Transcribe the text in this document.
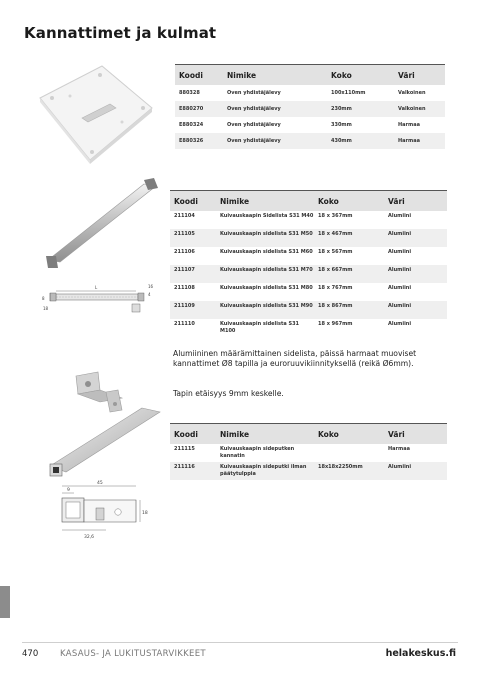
Kannattimet ja kulmat
Koodi	Nimike	Koko	Väri
880328	Oven yhdistäjälevy	100x110mm	Valkoinen
E880270	Oven yhdistäjälevy	230mm	Valkoinen
E880324	Oven yhdistäjälevy	330mm	Harmaa
E880326	Oven yhdistäjälevy	430mm	Harmaa
8
L	16
4
18
Koodi	Nimike	Koko	Väri
211104	Kuivauskaapin Sidelista S31 M40	18 x 367mm	Alumiini
211105	Kuivauskaapin sidelista S31 M50	18 x 467mm	Alumiini
211106	Kuivauskaapin sidelista S31 M60	18 x 567mm	Alumiini
211107	Kuivauskaapin sidelista S31 M70	18 x 667mm	Alumiini
211108	Kuivauskaapin sidelista S31 M80	18 x 767mm	Alumiini
211109	Kuivauskaapin sidelista S31 M90	18 x 867mm	Alumiini
211110	Kuivauskaapin sidelista S31 M100	18 x 967mm	Alumiini
Alumiininen määrämittainen sidelista, päissä harmaat muoviset kannattimet Ø8 tapilla ja euroruuvikiinnityksellä (reikä Ø6mm).
Tapin etäisyys 9mm keskelle.
45
9
18
32,6
Koodi	Nimike	Koko	Väri
211115	Kuivauskaapin sideputken kannatin		Harmaa
211116	Kuivauskaapin sideputki ilman päätytulppia	18x18x2250mm	Alumiini
470	KASAUS- JA LUKITUSTARVIKKEET	helakeskus.fi
